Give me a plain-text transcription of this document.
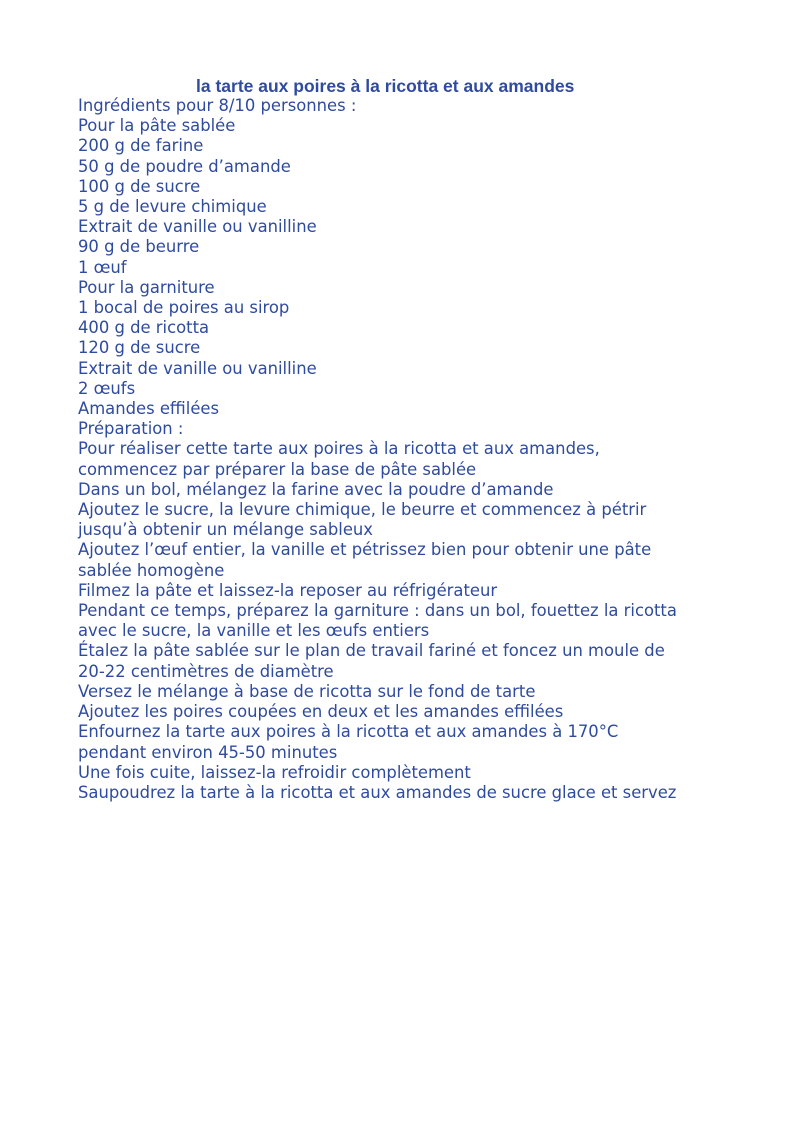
la tarte aux poires à la ricotta et aux amandes
Ingrédients pour 8/10 personnes :
Pour la pâte sablée
200 g de farine
50 g de poudre d’amande
100 g de sucre
5 g de levure chimique
Extrait de vanille ou vanilline
90 g de beurre
1 œuf
Pour la garniture
1 bocal de poires au sirop
400 g de ricotta
120 g de sucre
Extrait de vanille ou vanilline
2 œufs
Amandes effilées
Préparation :
Pour réaliser cette tarte aux poires à la ricotta et aux amandes,
commencez par préparer la base de pâte sablée
Dans un bol, mélangez la farine avec la poudre d’amande
Ajoutez le sucre, la levure chimique, le beurre et commencez à pétrir
jusqu’à obtenir un mélange sableux
Ajoutez l’œuf entier, la vanille et pétrissez bien pour obtenir une pâte
sablée homogène
Filmez la pâte et laissez-la reposer au réfrigérateur
Pendant ce temps, préparez la garniture : dans un bol, fouettez la ricotta
avec le sucre, la vanille et les œufs entiers
Étalez la pâte sablée sur le plan de travail fariné et foncez un moule de
20-22 centimètres de diamètre
Versez le mélange à base de ricotta sur le fond de tarte
Ajoutez les poires coupées en deux et les amandes effilées
Enfournez la tarte aux poires à la ricotta et aux amandes à 170°C
pendant environ 45-50 minutes
Une fois cuite, laissez-la refroidir complètement
Saupoudrez la tarte à la ricotta et aux amandes de sucre glace et servez
